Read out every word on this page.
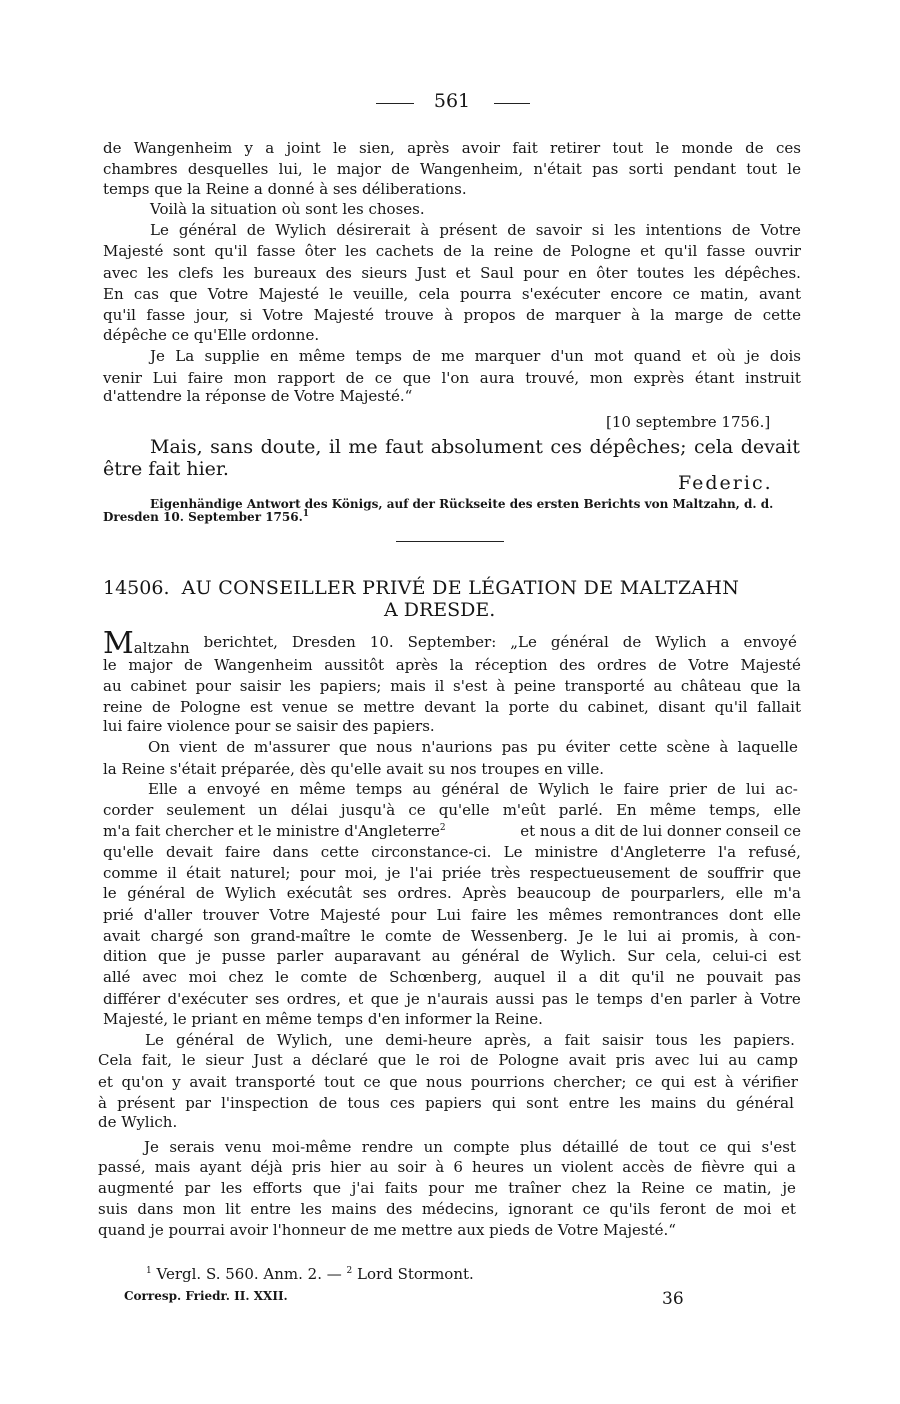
561
de Wangenheim y a joint le sien, après avoir fait retirer tout le monde de ces
chambres desquelles lui, le major de Wangenheim, n'était pas sorti pendant tout le
temps que la Reine a donné à ses déliberations.
Voilà la situation où sont les choses.
Le général de Wylich désirerait à présent de savoir si les intentions de Votre
Majesté sont qu'il fasse ôter les cachets de la reine de Pologne et qu'il fasse ouvrir
avec les clefs les bureaux des sieurs Just et Saul pour en ôter toutes les dépêches.
En cas que Votre Majesté le veuille, cela pourra s'exécuter encore ce matin, avant
qu'il fasse jour, si Votre Majesté trouve à propos de marquer à la marge de cette
dépêche ce qu'Elle ordonne.
Je La supplie en même temps de me marquer d'un mot quand et où je dois
venir Lui faire mon rapport de ce que l'on aura trouvé, mon exprès étant instruit
d'attendre la réponse de Votre Majesté.“
[10 septembre 1756.]
Mais, sans doute, il me faut absolument ces dépêches; cela devait
être fait hier.
Federic.
Eigenhändige Antwort des Königs, auf der Rückseite des ersten Berichts von Maltzahn, d. d.
Dresden 10. September 1756.$^1$
14506. AU CONSEILLER PRIVÉ DE LÉGATION DE MALTZAHN
A DRESDE.
Maltzahn berichtet, Dresden 10. September: „Le général de Wylich a envoyé
le major de Wangenheim aussitôt après la réception des ordres de Votre Majesté
au cabinet pour saisir les papiers; mais il s'est à peine transporté au château que la
reine de Pologne est venue se mettre devant la porte du cabinet, disant qu'il fallait
lui faire violence pour se saisir des papiers.
On vient de m'assurer que nous n'aurions pas pu éviter cette scène à laquelle
la Reine s'était préparée, dès qu'elle avait su nos troupes en ville.
Elle a envoyé en même temps au général de Wylich le faire prier de lui ac-
corder seulement un délai jusqu'à ce qu'elle m'eût parlé. En même temps, elle
m'a fait chercher et le ministre d'Angleterre$^2$	et nous a dit de lui donner conseil ce
qu'elle devait faire dans cette circonstance-ci. Le ministre d'Angleterre l'a refusé,
comme il était naturel; pour moi, je l'ai priée très respectueusement de souffrir que
le général de Wylich exécutât ses ordres. Après beaucoup de pourparlers, elle m'a
prié d'aller trouver Votre Majesté pour Lui faire les mêmes remontrances dont elle
avait chargé son grand-maître le comte de Wessenberg. Je le lui ai promis, à con-
dition que je pusse parler auparavant au général de Wylich. Sur cela, celui-ci est
allé avec moi chez le comte de Schœnberg, auquel il a dit qu'il ne pouvait pas
différer d'exécuter ses ordres, et que je n'aurais aussi pas le temps d'en parler à Votre
Majesté, le priant en même temps d'en informer la Reine.
Le général de Wylich, une demi-heure après, a fait saisir tous les papiers.
Cela fait, le sieur Just a déclaré que le roi de Pologne avait pris avec lui au camp
et qu'on y avait transporté tout ce que nous pourrions chercher; ce qui est à vérifier
à présent par l'inspection de tous ces papiers qui sont entre les mains du général
de Wylich.
Je serais venu moi-même rendre un compte plus détaillé de tout ce qui s'est
passé, mais ayant déjà pris hier au soir à 6 heures un violent accès de fièvre qui a
augmenté par les efforts que j'ai faits pour me traîner chez la Reine ce matin, je
suis dans mon lit entre les mains des médecins, ignorant ce qu'ils feront de moi et
quand je pourrai avoir l'honneur de me mettre aux pieds de Votre Majesté.“
$^1$ Vergl. S. 560. Anm. 2. — $^2$ Lord Stormont.
Corresp. Friedr. II. XXII.	36
